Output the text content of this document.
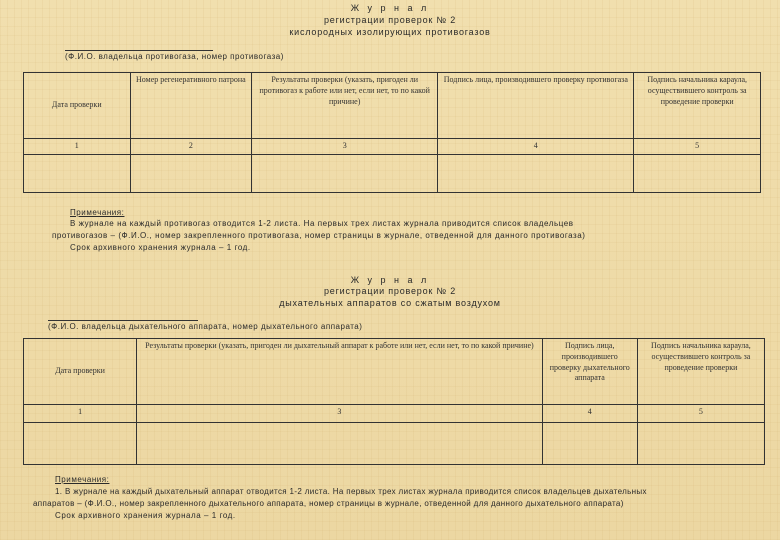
Ж у р н а л
регистрации проверок № 2
кислородных изолирующих противогазов
(Ф.И.О. владельца противогаза, номер противогаза)
Дата проверки	Номер регенеративного патрона	Результаты проверки (указать, пригоден ли противогаз к работе или нет, если нет, то по какой причине)	Подпись лица, производившего проверку противогаза	Подпись начальника караула, осуществившего контроль за проведение проверки
1	2	3	4	5

Примечания:
В журнале на каждый противогаз отводится 1-2 листа. На первых трех листах журнала приводится список владельцев
противогазов – (Ф.И.О., номер закрепленного противогаза, номер страницы в журнале, отведенной для данного противогаза)
Срок архивного хранения журнала – 1 год.
Ж у р н а л
регистрации проверок № 2
дыхательных аппаратов со сжатым воздухом
(Ф.И.О. владельца дыхательного аппарата, номер дыхательного аппарата)
Дата проверки	Результаты проверки (указать, пригоден ли дыхательный аппарат к работе или нет, если нет, то по какой причине)	Подпись лица, производившего проверку дыхательного аппарата	Подпись начальника караула, осуществившего контроль за проведение проверки
1	3	4	5

Примечания:
1. В журнале на каждый дыхательный аппарат отводится 1-2 листа. На первых трех листах журнала приводится список владельцев дыхательных
аппаратов – (Ф.И.О., номер закрепленного дыхательного аппарата, номер страницы в журнале, отведенной для данного дыхательного аппарата)
Срок архивного хранения журнала – 1 год.
